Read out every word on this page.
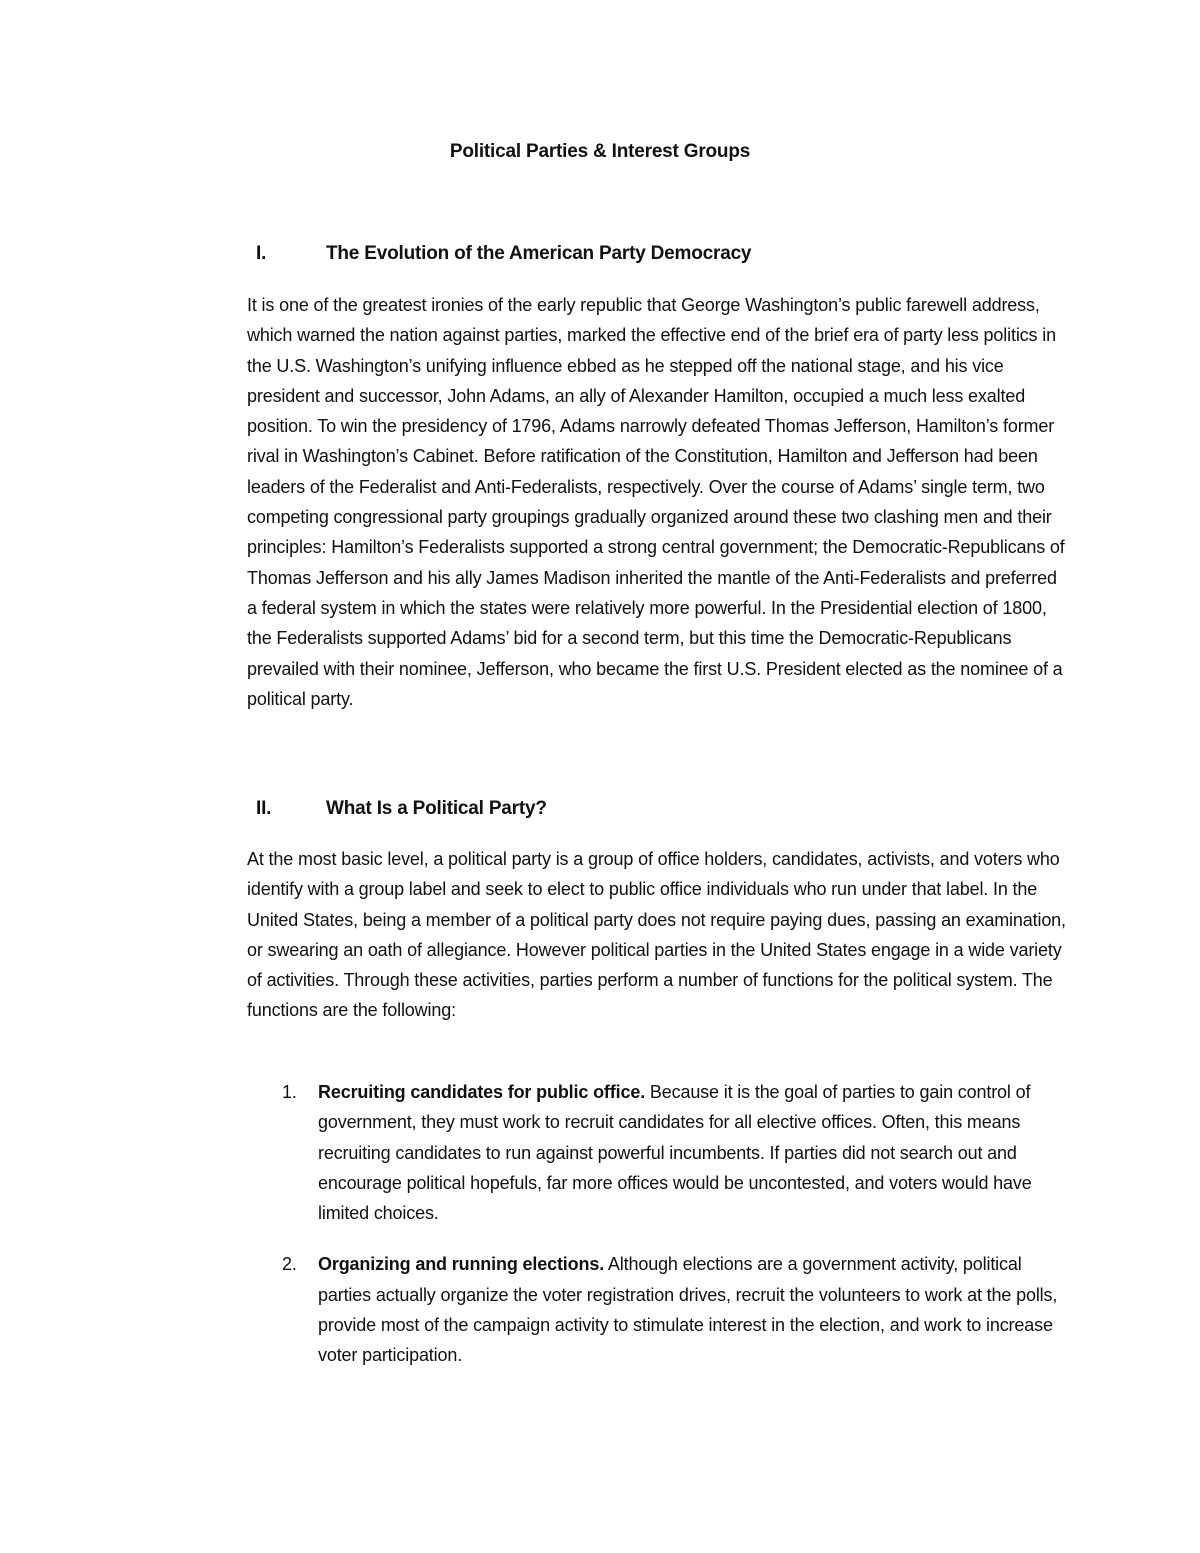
Political Parties & Interest Groups
I.	The Evolution of the American Party Democracy

It is one of the greatest ironies of the early republic that George Washington’s public farewell address, which warned the nation against parties, marked the effective end of the brief era of party less politics in the U.S. Washington’s unifying influence ebbed as he stepped off the national stage, and his vice president and successor, John Adams, an ally of Alexander Hamilton, occupied a much less exalted position. To win the presidency of 1796, Adams narrowly defeated Thomas Jefferson, Hamilton’s former rival in Washington’s Cabinet. Before ratification of the Constitution, Hamilton and Jefferson had been leaders of the Federalist and Anti-Federalists, respectively. Over the course of Adams’ single term, two competing congressional party groupings gradually organized around these two clashing men and their principles: Hamilton’s Federalists supported a strong central government; the Democratic-Republicans of Thomas Jefferson and his ally James Madison inherited the mantle of the Anti-Federalists and preferred a federal system in which the states were relatively more powerful. In the Presidential election of 1800, the Federalists supported Adams’ bid for a second term, but this time the Democratic-Republicans prevailed with their nominee, Jefferson, who became the first U.S. President elected as the nominee of a political party.

II.	What Is a Political Party?

At the most basic level, a political party is a group of office holders, candidates, activists, and voters who identify with a group label and seek to elect to public office individuals who run under that label. In the United States, being a member of a political party does not require paying dues, passing an examination, or swearing an oath of allegiance. However political parties in the United States engage in a wide variety of activities. Through these activities, parties perform a number of functions for the political system. The functions are the following:

1. Recruiting candidates for public office. Because it is the goal of parties to gain control of government, they must work to recruit candidates for all elective offices. Often, this means recruiting candidates to run against powerful incumbents. If parties did not search out and encourage political hopefuls, far more offices would be uncontested, and voters would have limited choices.
2. Organizing and running elections. Although elections are a government activity, political parties actually organize the voter registration drives, recruit the volunteers to work at the polls, provide most of the campaign activity to stimulate interest in the election, and work to increase voter participation.
